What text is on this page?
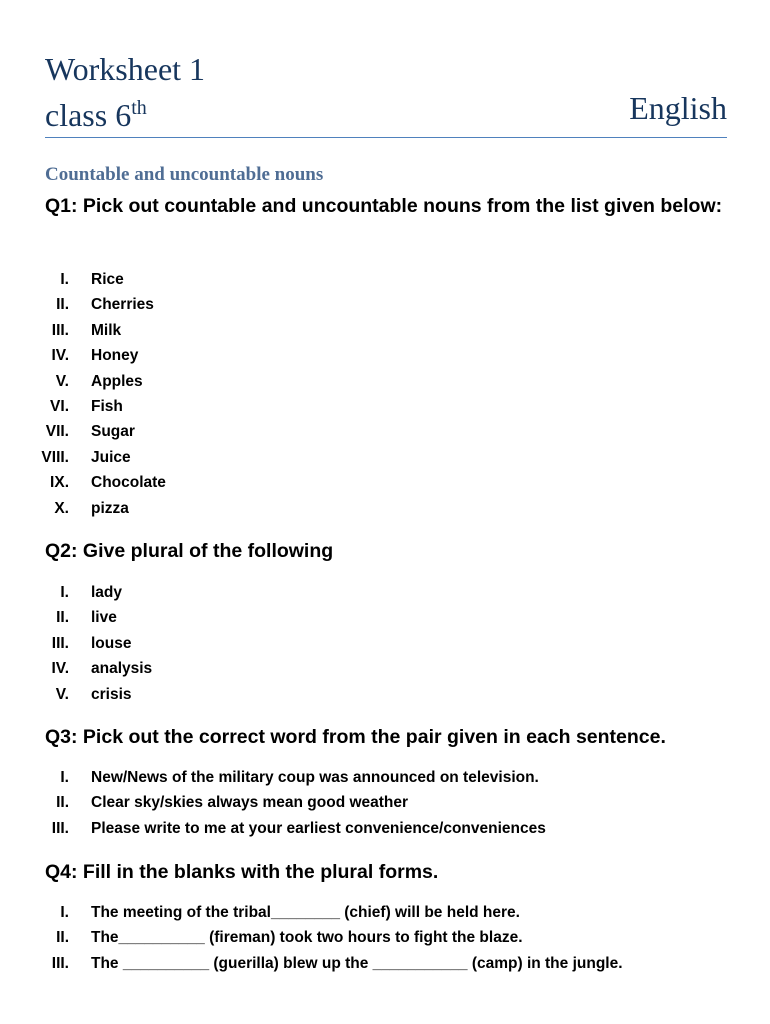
Worksheet 1
class 6th	English
Countable and uncountable nouns
Q1: Pick out countable and uncountable nouns from the list given below:
I.	Rice
II.	Cherries
III.	Milk
IV.	Honey
V.	Apples
VI.	Fish
VII.	Sugar
VIII.	Juice
IX.	Chocolate
X.	pizza
Q2: Give plural of the following
I.	lady
II.	live
III.	louse
IV.	analysis
V.	crisis
Q3: Pick out the correct word from the pair given in each sentence.
I.	New/News of the military coup was announced on television.
II.	Clear sky/skies always mean good weather
III.	Please write to me at your earliest convenience/conveniences
Q4: Fill in the blanks with the plural forms.
I.	The meeting of the tribal________ (chief) will be held here.
II.	The__________ (fireman) took two hours to fight the blaze.
III.	The __________ (guerilla) blew up the ___________ (camp) in the jungle.
